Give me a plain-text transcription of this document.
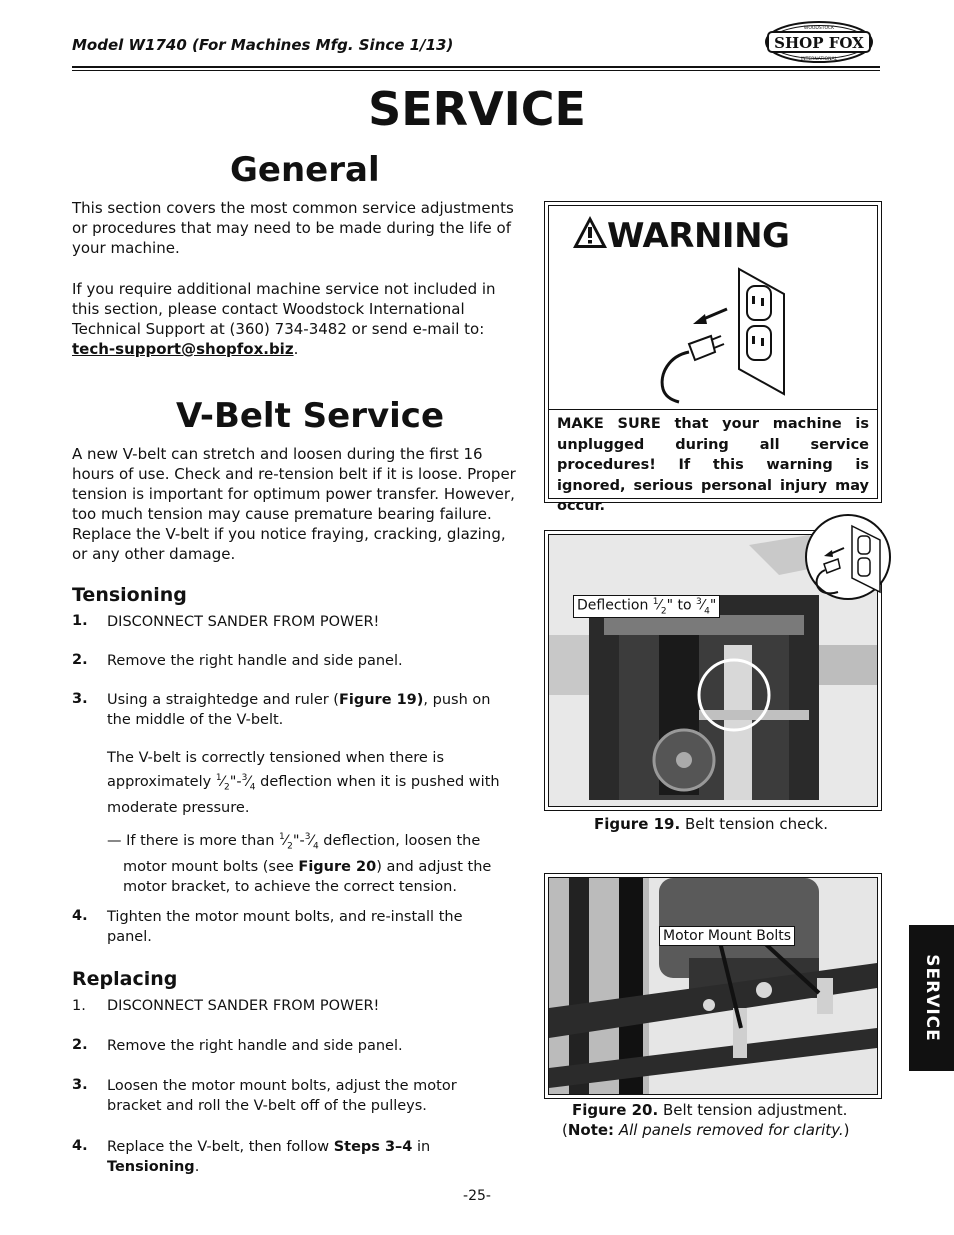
Model W1740 (For Machines Mfg. Since 1/13)	SHOP FOX
WOODSTOCK
INTERNATIONAL
SERVICE
General
This section covers the most common service adjustments or procedures that may need to be made during the life of your machine.
If you require additional machine service not included in this section, please contact Woodstock International Technical Support at (360) 734-3482 or send e-mail to:
tech-support@shopfox.biz.
V-Belt Service
A new V-belt can stretch and loosen during the first 16 hours of use. Check and re-tension belt if it is loose. Proper tension is important for optimum power transfer. However, too much tension may cause premature bearing failure. Replace the V-belt if you notice fraying, cracking, glazing, or any other damage.
Tensioning
1. DISCONNECT SANDER FROM POWER!
2. Remove the right handle and side panel.
3. Using a straightedge and ruler (Figure 19), push on the middle of the V-belt.
The V-belt is correctly tensioned when there is approximately $^1⁄_2"-^3⁄_4$ deflection when it is pushed with moderate pressure.
— If there is more than $^1⁄_2"-^3⁄_4$ deflection, loosen the motor mount bolts (see Figure 20) and adjust the motor bracket, to achieve the correct tension.
4. Tighten the motor mount bolts, and re-install the panel.
Replacing
1. DISCONNECT SANDER FROM POWER!
2. Remove the right handle and side panel.
3. Loosen the motor mount bolts, adjust the motor bracket and roll the V-belt off of the pulleys.
4. Replace the V-belt, then follow Steps 3–4 in
Tensioning.
WARNING
MAKE SURE that your machine is unplugged during all service procedures! If this warning is ignored, serious personal injury may occur.
Deflection $^1⁄_2$" to $^3⁄_4$"
Figure 19. Belt tension check.
Motor Mount Bolts
Figure 20. Belt tension adjustment.
(Note: All panels removed for clarity.)
SERVICE
-25-
